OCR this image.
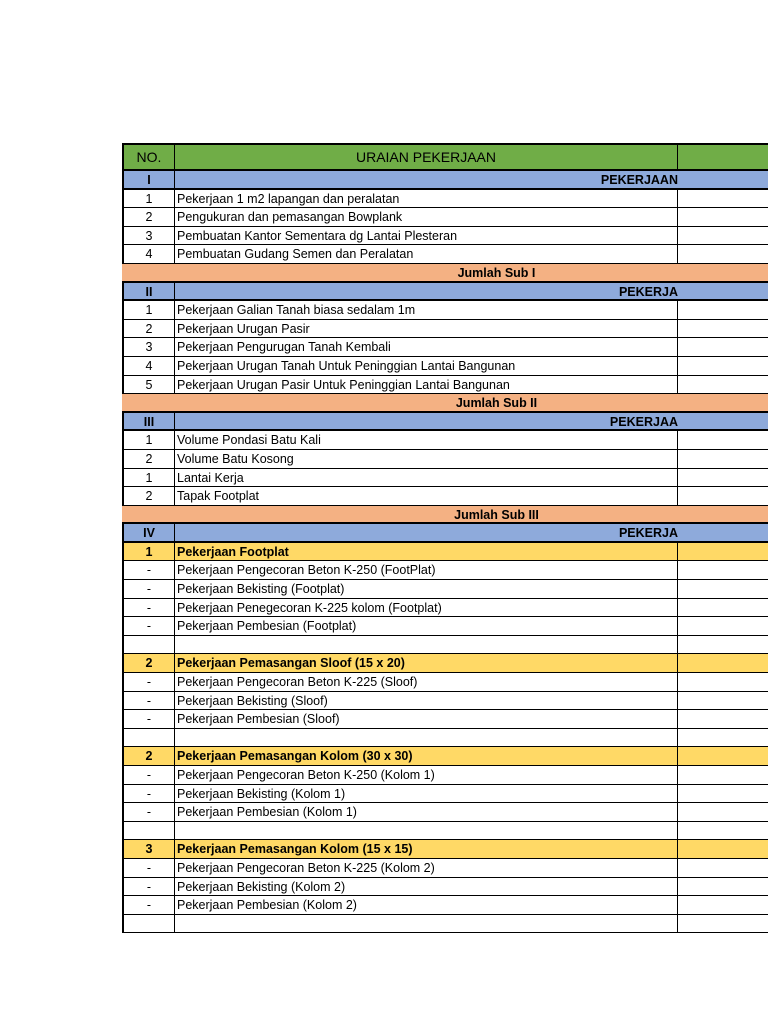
NO.	URAIAN PEKERJAAN
I	PEKERJAAN
1	Pekerjaan 1 m2 lapangan dan peralatan
2	Pengukuran dan pemasangan Bowplank
3	Pembuatan Kantor Sementara dg Lantai Plesteran
4	Pembuatan Gudang Semen dan Peralatan
Jumlah Sub I
II	PEKERJA
1	Pekerjaan Galian Tanah biasa sedalam 1m
2	Pekerjaan Urugan Pasir
3	Pekerjaan Pengurugan Tanah Kembali
4	Pekerjaan Urugan Tanah Untuk Peninggian Lantai Bangunan
5	Pekerjaan Urugan Pasir Untuk Peninggian Lantai Bangunan
Jumlah Sub II
III	PEKERJAA
1	Volume Pondasi Batu Kali
2	Volume Batu Kosong
1	Lantai Kerja
2	Tapak Footplat
Jumlah Sub III
IV	PEKERJA
1	Pekerjaan Footplat
-	Pekerjaan Pengecoran Beton K-250 (FootPlat)
-	Pekerjaan Bekisting (Footplat)
-	Pekerjaan Penegecoran K-225 kolom (Footplat)
-	Pekerjaan Pembesian (Footplat)
2	Pekerjaan Pemasangan Sloof (15 x 20)
-	Pekerjaan Pengecoran Beton K-225 (Sloof)
-	Pekerjaan Bekisting (Sloof)
-	Pekerjaan Pembesian (Sloof)
2	Pekerjaan Pemasangan Kolom (30 x 30)
-	Pekerjaan Pengecoran Beton K-250 (Kolom 1)
-	Pekerjaan Bekisting (Kolom 1)
-	Pekerjaan Pembesian (Kolom 1)
3	Pekerjaan Pemasangan Kolom (15 x 15)
-	Pekerjaan Pengecoran Beton K-225 (Kolom 2)
-	Pekerjaan Bekisting (Kolom 2)
-	Pekerjaan Pembesian (Kolom 2)
